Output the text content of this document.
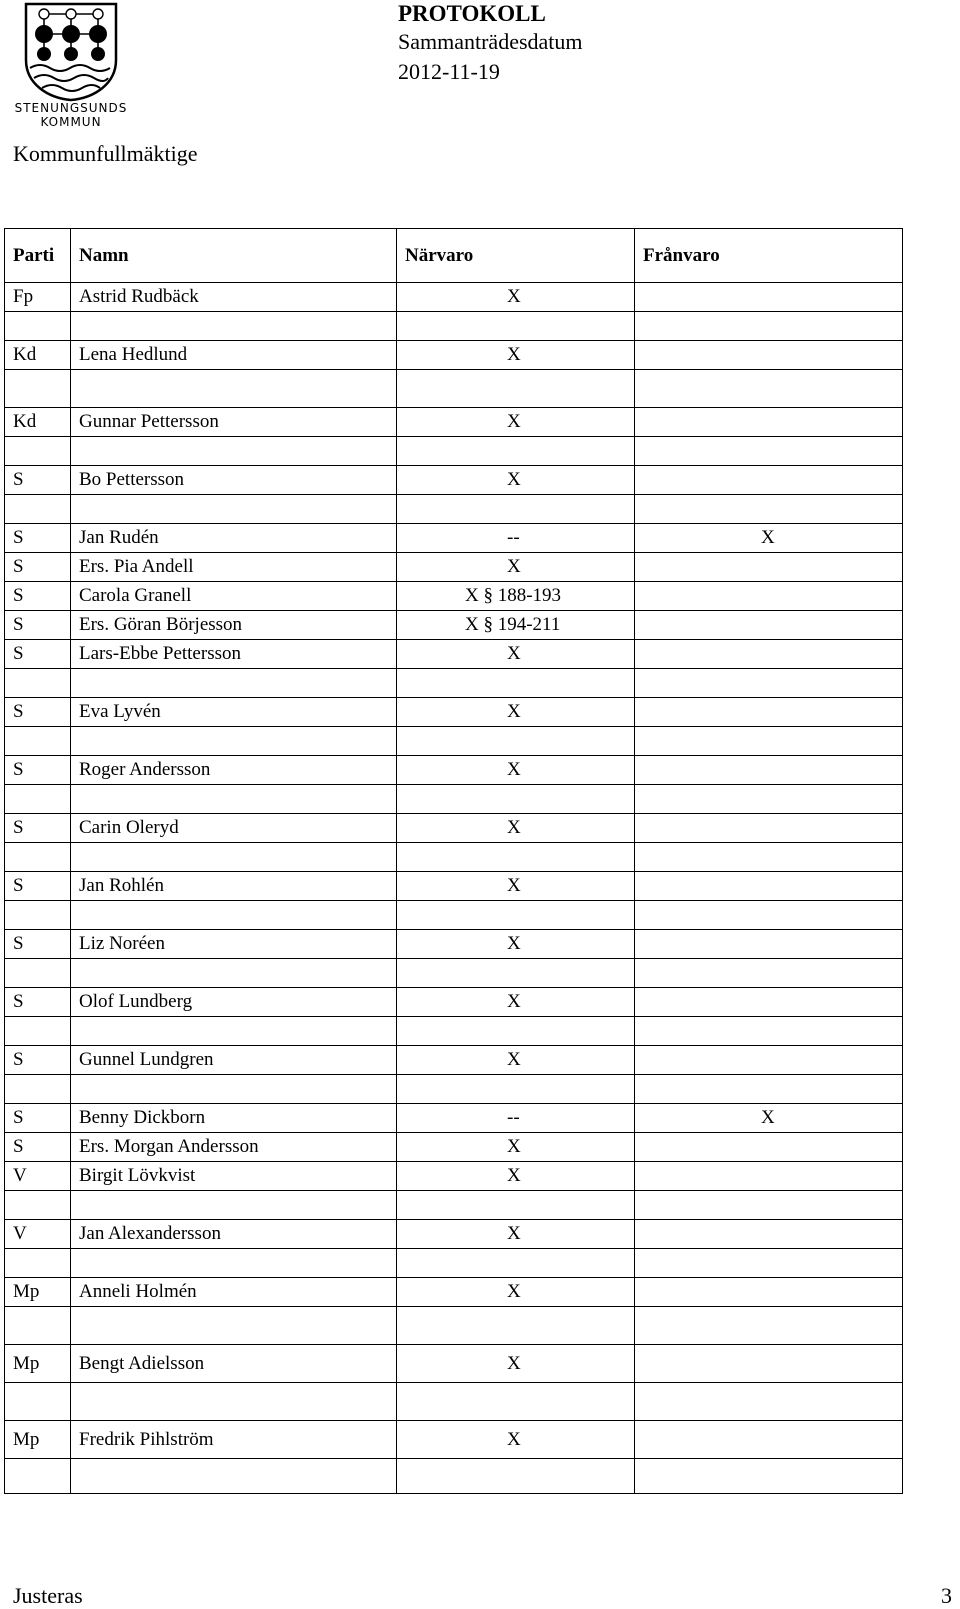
STENUNGSUNDS
KOMMUN
PROTOKOLL
Sammanträdesdatum
2012-11-19
Kommunfullmäktige
Parti	Namn	Närvaro	Frånvaro
Fp	Astrid Rudbäck	X	

Kd	Lena Hedlund	X	

Kd	Gunnar Pettersson	X	

S	Bo Pettersson	X	

S	Jan Rudén	--	X
S	Ers. Pia Andell	X	
S	Carola Granell	X § 188-193	
S	Ers. Göran Börjesson	X § 194-211	
S	Lars-Ebbe Pettersson	X	

S	Eva Lyvén	X	

S	Roger Andersson	X	

S	Carin Oleryd	X	

S	Jan Rohlén	X	

S	Liz Noréen	X	

S	Olof Lundberg	X	

S	Gunnel Lundgren	X	

S	Benny Dickborn	--	X
S	Ers. Morgan Andersson	X	
V	Birgit Lövkvist	X	

V	Jan Alexandersson	X	

Mp	Anneli Holmén	X	

Mp	Bengt Adielsson	X	

Mp	Fredrik Pihlström	X	

Justeras	3
